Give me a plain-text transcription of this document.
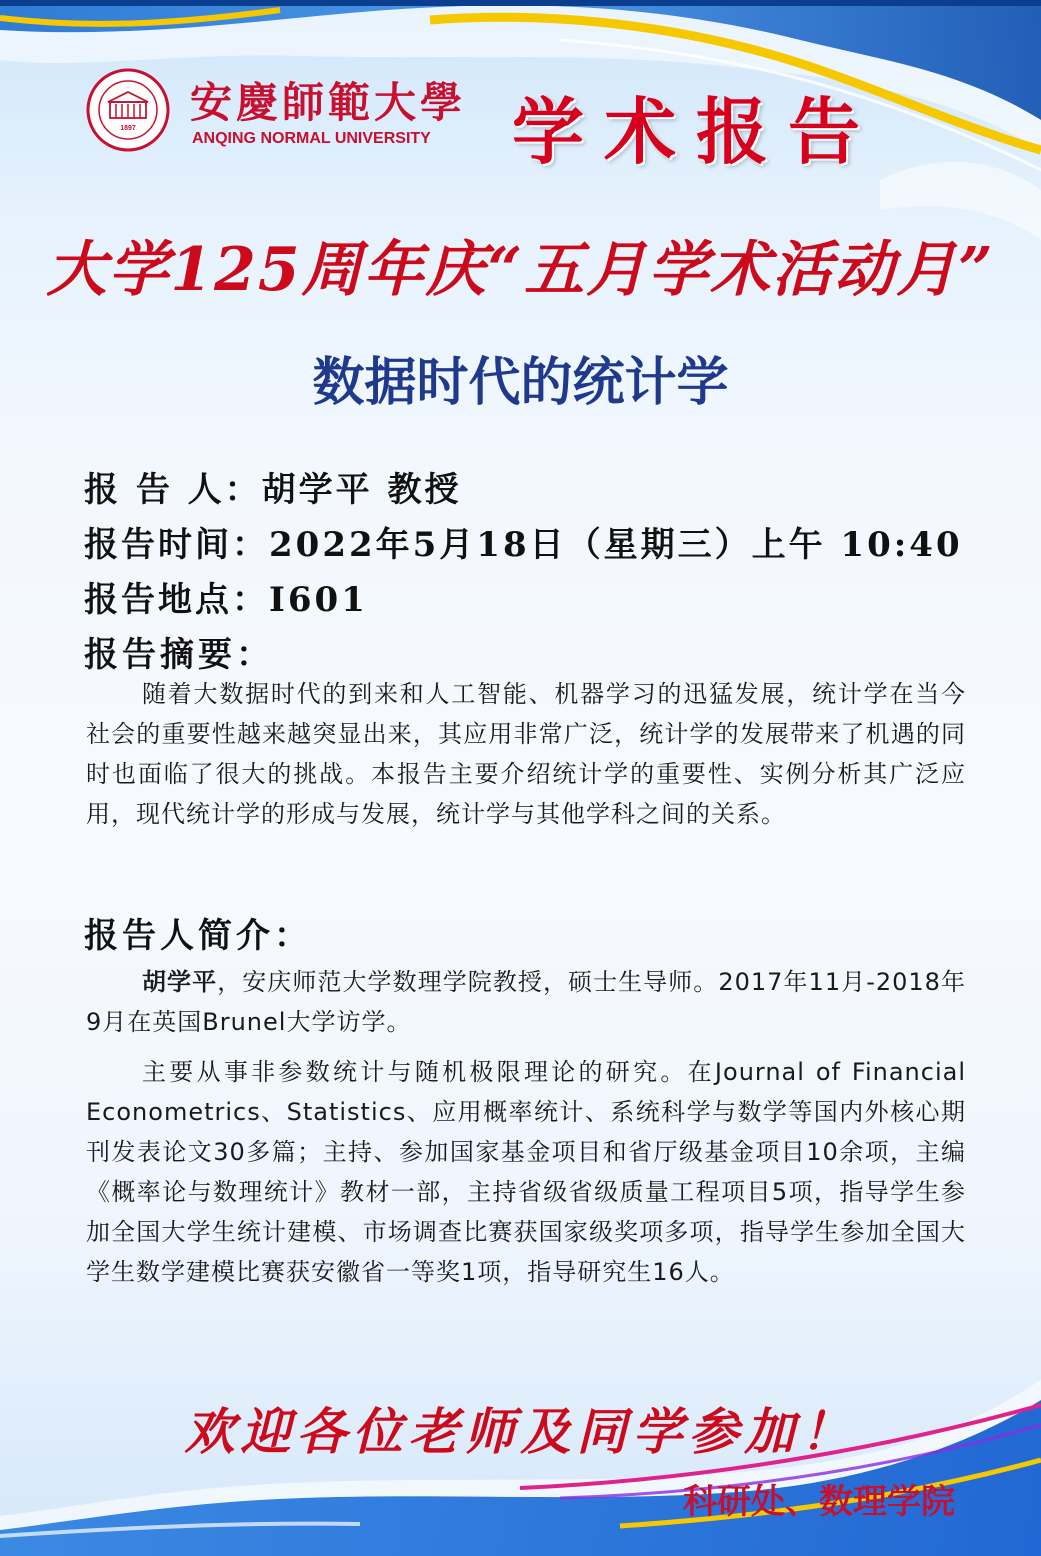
1897
安慶師範大學
ANQING NORMAL UNIVERSITY 学术报告
大学125周年庆“五月学术活动月”
数据时代的统计学
报 告 人：胡学平 教授
报告时间：2022年5月18日（星期三）上午 10:40
报告地点：I601
报告摘要：
随着大数据时代的到来和人工智能、机器学习的迅猛发展，统计学在当今社会的重要性越来越突显出来，其应用非常广泛，统计学的发展带来了机遇的同时也面临了很大的挑战。本报告主要介绍统计学的重要性、实例分析其广泛应用，现代统计学的形成与发展，统计学与其他学科之间的关系。
报告人简介：
胡学平，安庆师范大学数理学院教授，硕士生导师。2017年11月-2018年9月在英国Brunel大学访学。
主要从事非参数统计与随机极限理论的研究。在Journal of Financial Econometrics、Statistics、应用概率统计、系统科学与数学等国内外核心期刊发表论文30多篇；主持、参加国家基金项目和省厅级基金项目10余项，主编《概率论与数理统计》教材一部，主持省级省级质量工程项目5项，指导学生参加全国大学生统计建模、市场调查比赛获国家级奖项多项，指导学生参加全国大学生数学建模比赛获安徽省一等奖1项，指导研究生16人。
欢迎各位老师及同学参加！
科研处、数理学院
